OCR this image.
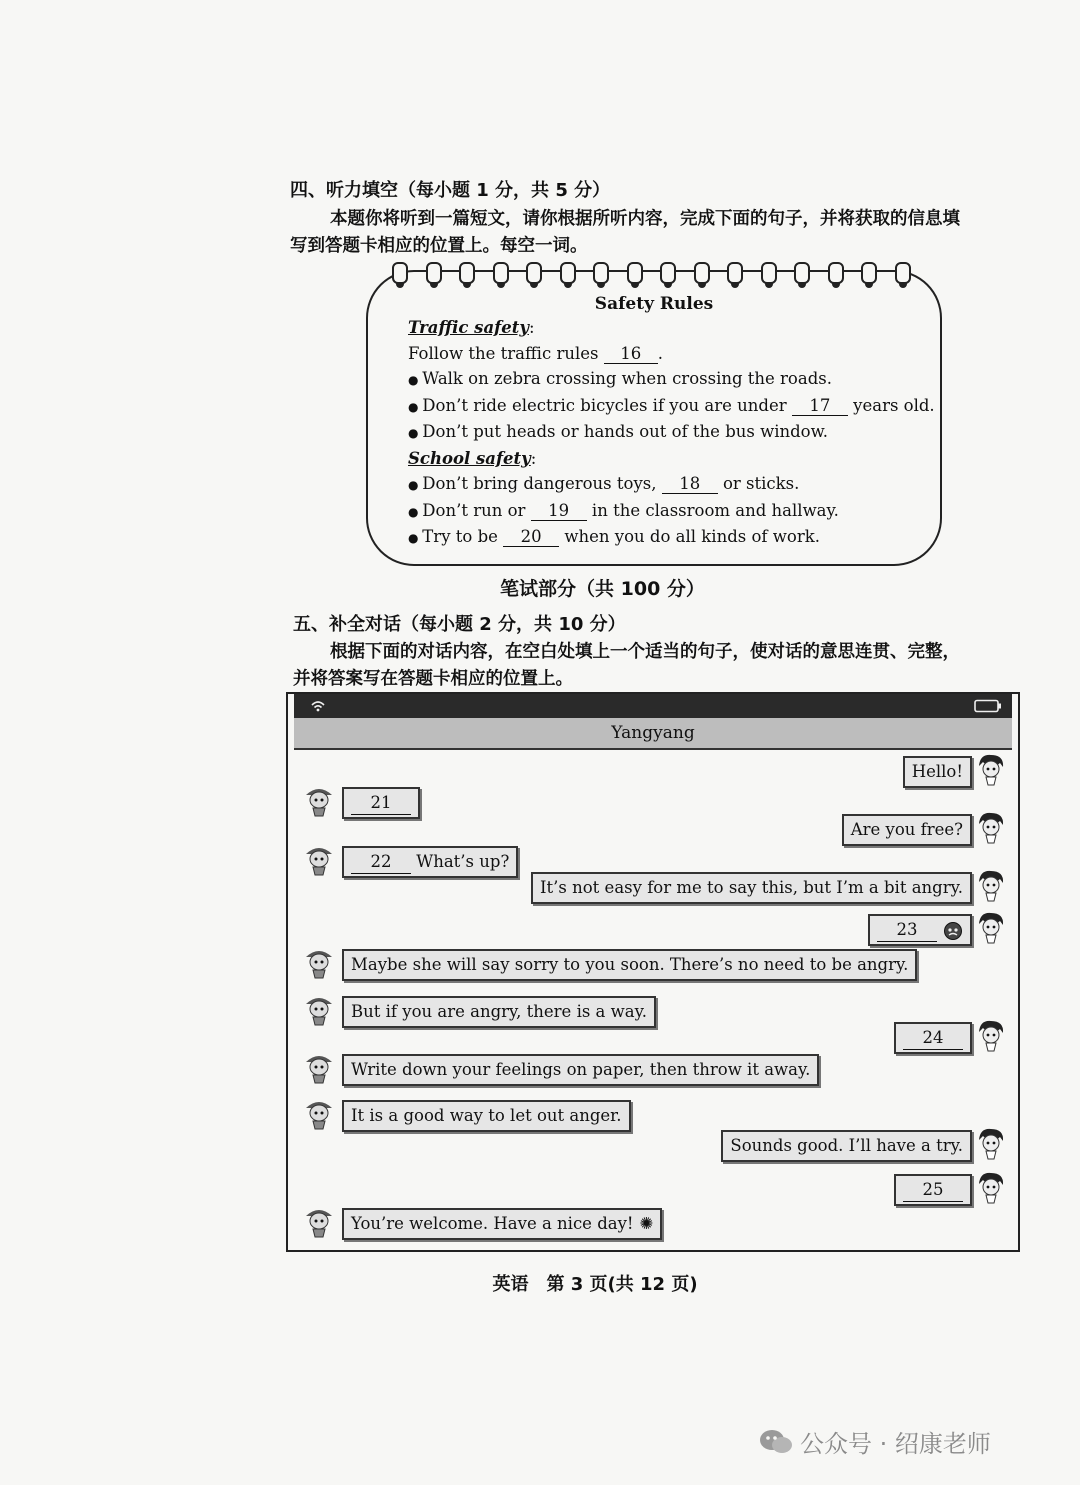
四、听力填空（每小题 1 分，共 5 分）
本题你将听到一篇短文，请你根据所听内容，完成下面的句子，并将获取的信息填
写到答题卡相应的位置上。每空一词。
Safety Rules
Traffic safety:
Follow the traffic rules 16 .
● Walk on zebra crossing when crossing the roads.
● Don’t ride electric bicycles if you are under 17 years old.
● Don’t put heads or hands out of the bus window.
School safety:
● Don’t bring dangerous toys, 18 or sticks.
● Don’t run or 19 in the classroom and hallway.
● Try to be 20 when you do all kinds of work.
笔试部分（共 100 分）
五、补全对话（每小题 2 分，共 10 分）
根据下面的对话内容，在空白处填上一个适当的句子，使对话的意思连贯、完整，
并将答案写在答题卡相应的位置上。
Yangyang
Hello!
21
Are you free?
22 What’s up?
It’s not easy for me to say this, but I’m a bit angry.
23
Maybe she will say sorry to you soon. There’s no need to be angry.
But if you are angry, there is a way.
24
Write down your feelings on paper, then throw it away.
It is a good way to let out anger.
Sounds good. I’ll have a try.
25
You’re welcome. Have a nice day! ✺
英语　第 3 页(共 12 页)
公众号 · 绍康老师
